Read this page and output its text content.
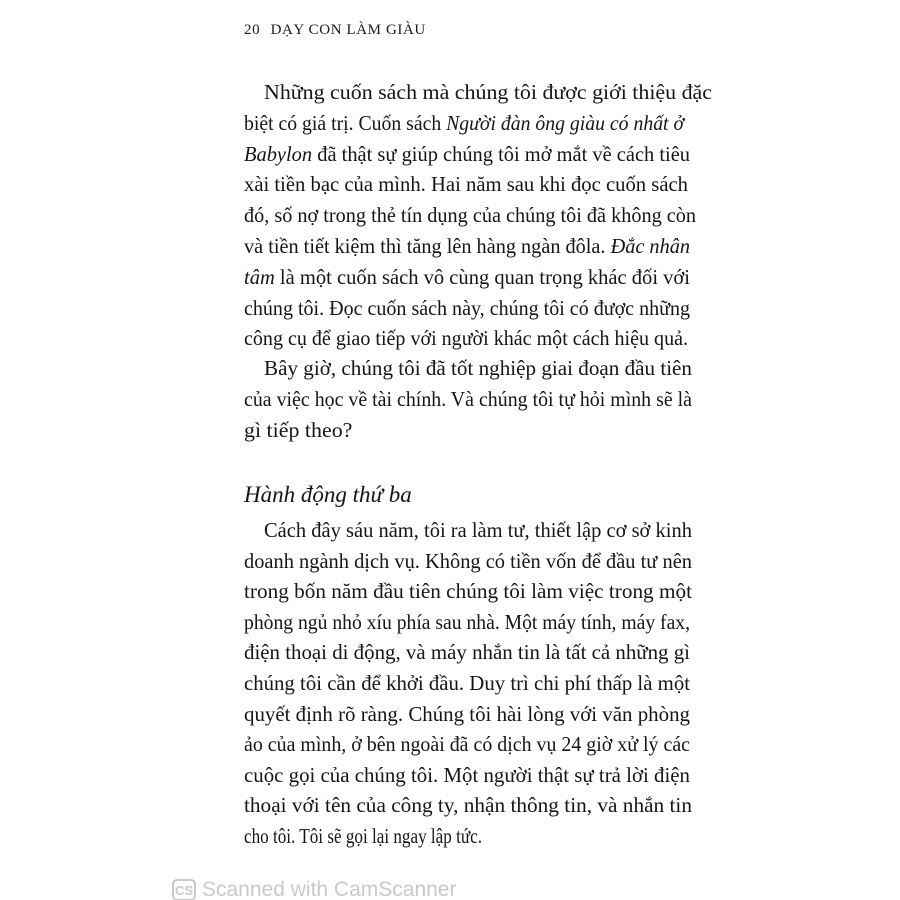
20 DẠY CON LÀM GIÀU
Những cuốn sách mà chúng tôi được giới thiệu đặc
biệt có giá trị. Cuốn sách Người đàn ông giàu có nhất ở
Babylon đã thật sự giúp chúng tôi mở mắt về cách tiêu
xài tiền bạc của mình. Hai năm sau khi đọc cuốn sách
đó, số nợ trong thẻ tín dụng của chúng tôi đã không còn
và tiền tiết kiệm thì tăng lên hàng ngàn đôla. Đắc nhân
tâm là một cuốn sách vô cùng quan trọng khác đối với
chúng tôi. Đọc cuốn sách này, chúng tôi có được những
công cụ để giao tiếp với người khác một cách hiệu quả.
Bây giờ, chúng tôi đã tốt nghiệp giai đoạn đầu tiên
của việc học về tài chính. Và chúng tôi tự hỏi mình sẽ là
gì tiếp theo?
Hành động thứ ba
Cách đây sáu năm, tôi ra làm tư, thiết lập cơ sở kinh
doanh ngành dịch vụ. Không có tiền vốn để đầu tư nên
trong bốn năm đầu tiên chúng tôi làm việc trong một
phòng ngủ nhỏ xíu phía sau nhà. Một máy tính, máy fax,
điện thoại di động, và máy nhắn tin là tất cả những gì
chúng tôi cần để khởi đầu. Duy trì chi phí thấp là một
quyết định rõ ràng. Chúng tôi hài lòng với văn phòng
ảo của mình, ở bên ngoài đã có dịch vụ 24 giờ xử lý các
cuộc gọi của chúng tôi. Một người thật sự trả lời điện
thoại với tên của công ty, nhận thông tin, và nhắn tin
cho tôi. Tôi sẽ gọi lại ngay lập tức.
CS Scanned with CamScanner
